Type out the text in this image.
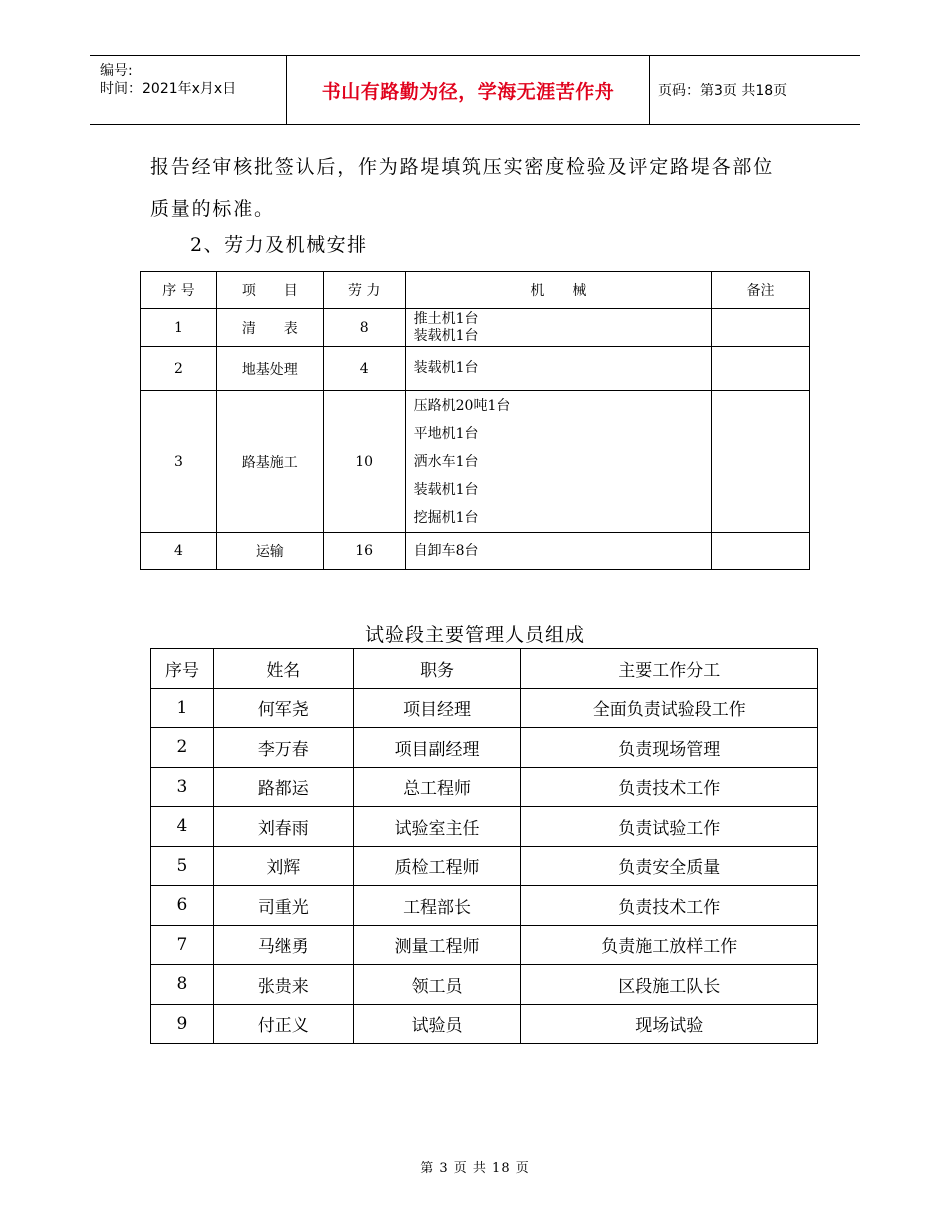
编号:
时间：2021年x月x日	书山有路勤为径，学海无涯苦作舟	页码：第3页 共18页
报告经审核批签认后，作为路堤填筑压实密度检验及评定路堤各部位
质量的标准。
2、劳力及机械安排
序 号	项　　目	劳 力	机　　械	备注
1	清　　表	8	推土机1台
装载机1台	

2	地基处理	4	装载机1台	

3	路基施工	10	压路机20吨1台
平地机1台
洒水车1台
装载机1台
挖掘机1台	

4	运输	16	自卸车8台	

试验段主要管理人员组成
序号	姓名	职务	主要工作分工
1	何军尧	项目经理	全面负责试验段工作
2	李万春	项目副经理	负责现场管理
3	路都运	总工程师	负责技术工作
4	刘春雨	试验室主任	负责试验工作
5	刘辉	质检工程师	负责安全质量
6	司重光	工程部长	负责技术工作
7	马继勇	测量工程师	负责施工放样工作
8	张贵来	领工员	区段施工队长
9	付正义	试验员	现场试验
第 3 页 共 18 页
